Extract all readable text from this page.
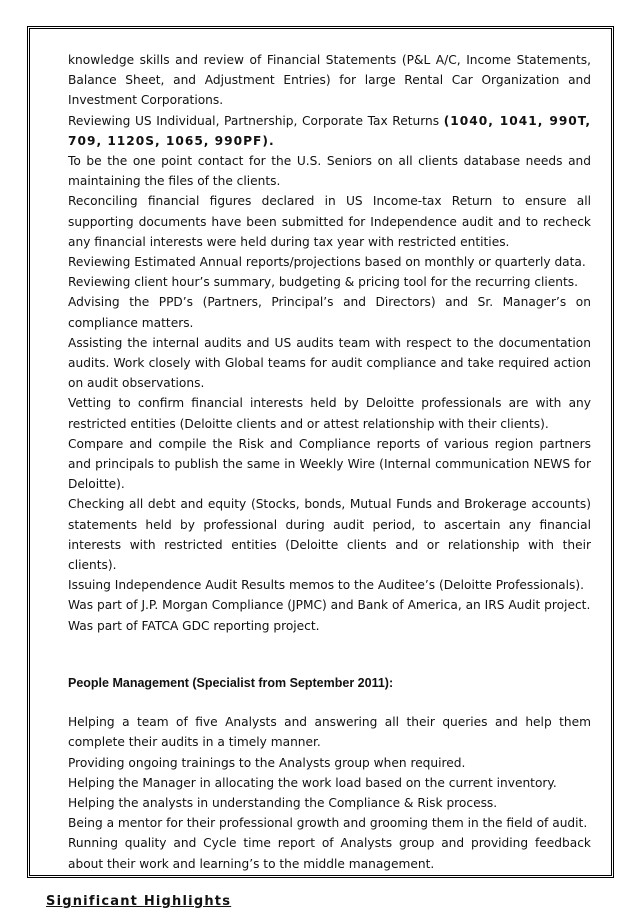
knowledge skills and review of Financial Statements (P&L A/C, Income Statements, Balance Sheet, and Adjustment Entries) for large Rental Car Organization and Investment Corporations.
Reviewing US Individual, Partnership, Corporate Tax Returns (1040, 1041, 990T, 709, 1120S, 1065, 990PF).
To be the one point contact for the U.S. Seniors on all clients database needs and maintaining the files of the clients.
Reconciling financial figures declared in US Income-tax Return to ensure all supporting documents have been submitted for Independence audit and to recheck any financial interests were held during tax year with restricted entities.
Reviewing Estimated Annual reports/projections based on monthly or quarterly data.
Reviewing client hour’s summary, budgeting & pricing tool for the recurring clients.
Advising the PPD’s (Partners, Principal’s and Directors) and Sr. Manager’s on compliance matters.
Assisting the internal audits and US audits team with respect to the documentation audits. Work closely with Global teams for audit compliance and take required action on audit observations.
Vetting to confirm financial interests held by Deloitte professionals are with any restricted entities (Deloitte clients and or attest relationship with their clients).
Compare and compile the Risk and Compliance reports of various region partners and principals to publish the same in Weekly Wire (Internal communication NEWS for Deloitte).
Checking all debt and equity (Stocks, bonds, Mutual Funds and Brokerage accounts) statements held by professional during audit period, to ascertain any financial interests with restricted entities (Deloitte clients and or relationship with their clients).
Issuing Independence Audit Results memos to the Auditee’s (Deloitte Professionals).
Was part of J.P. Morgan Compliance (JPMC) and Bank of America, an IRS Audit project.
Was part of FATCA GDC reporting project.
People Management (Specialist from September 2011):
Helping a team of five Analysts and answering all their queries and help them complete their audits in a timely manner.
Providing ongoing trainings to the Analysts group when required.
Helping the Manager in allocating the work load based on the current inventory.
Helping the analysts in understanding the Compliance & Risk process.
Being a mentor for their professional growth and grooming them in the field of audit.
Running quality and Cycle time report of Analysts group and providing feedback about their work and learning’s to the middle management.
Significant Highlights
